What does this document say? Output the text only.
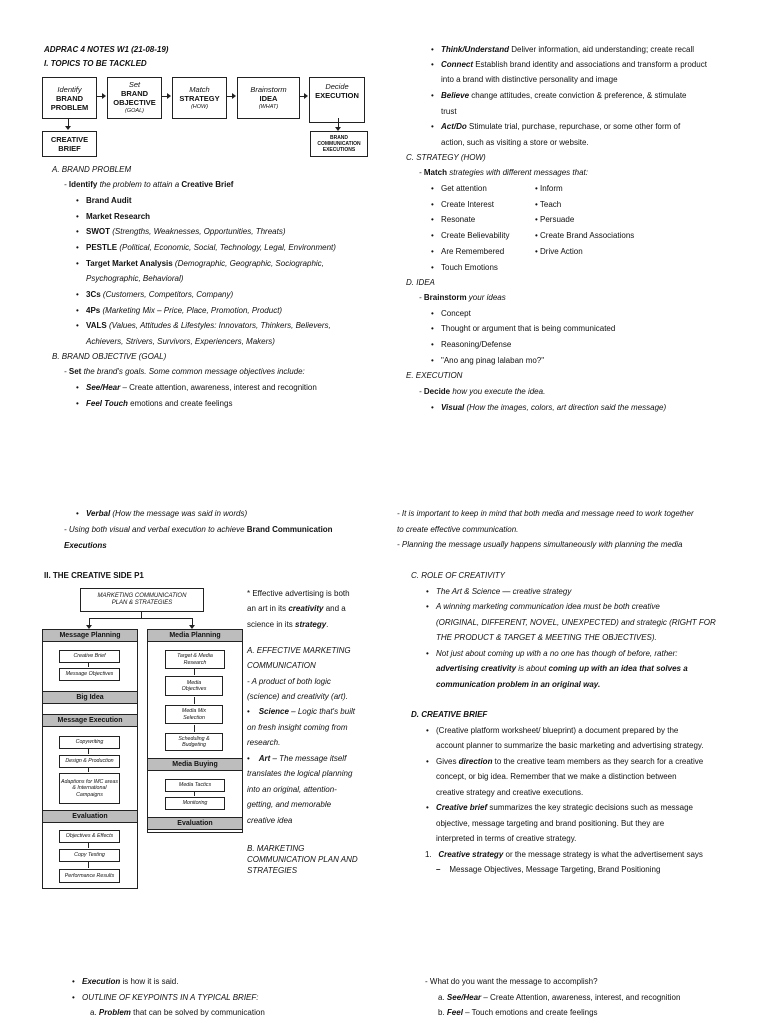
ADPRAC 4 NOTES W1 (21-08-19)
I. TOPICS TO BE TACKLED
Identify
BRAND
PROBLEM
Set
BRAND
OBJECTIVE
(GOAL)
Match
STRATEGY
(HOW)
Brainstorm
IDEA
(WHAT)
Decide
EXECUTION
CREATIVE
BRIEF
BRAND
COMMUNICATION
EXECUTIONS
A. BRAND PROBLEM
- Identify the problem to attain a Creative Brief
• Brand Audit
• Market Research
• SWOT (Strengths, Weaknesses, Opportunities, Threats)
• PESTLE (Political, Economic, Social, Technology, Legal, Environment)
• Target Market Analysis (Demographic, Geographic, Sociographic,
Psychographic, Behavioral)
• 3Cs (Customers, Competitors, Company)
• 4Ps (Marketing Mix – Price, Place, Promotion, Product)
• VALS (Values, Attitudes & Lifestyles: Innovators, Thinkers, Believers,
Achievers, Strivers, Survivors, Experiencers, Makers)
B. BRAND OBJECTIVE (GOAL)
- Set the brand's goals. Some common message objectives include:
• See/Hear – Create attention, awareness, interest and recognition
• Feel Touch emotions and create feelings
• Think/Understand Deliver information, aid understanding; create recall
• Connect Establish brand identity and associations and transform a product
into a brand with distinctive personality and image
• Believe change attitudes, create conviction & preference, & stimulate
trust
• Act/Do Stimulate trial, purchase, repurchase, or some other form of
action, such as visiting a store or website.
C. STRATEGY (HOW)
- Match strategies with different messages that:
• Get attention
• Create Interest
• Resonate
• Create Believability
• Are Remembered
• Touch Emotions
• Inform
• Teach
• Persuade
• Create Brand Associations
• Drive Action
D. IDEA
- Brainstorm your ideas
• Concept
• Thought or argument that is being communicated
• Reasoning/Defense
• "Ano ang pinag lalaban mo?"
E. EXECUTION
- Decide how you execute the idea.
• Visual (How the images, colors, art direction said the message)
• Verbal (How the message was said in words)
- Using both visual and verbal execution to achieve Brand Communication
Executions
- It is important to keep in mind that both media and message need to work together
to create effective communication.
- Planning the message usually happens simultaneously with planning the media
II. THE CREATIVE SIDE P1
MARKETING COMMUNICATION
PLAN & STRATEGIES
Message Planning
Creative Brief
Message Objectives
Big Idea
Message Execution
Copywriting
Design & Production
Adaptions for IMC areas & International Campaigns
Evaluation
Objectives & Effects
Copy Testing
Performance Results
Media Planning
Target & Media Research
Media Objectives
Media Mix Selection
Scheduling & Budgeting
Media Buying
Media Tactics
Monitoring
Evaluation
* Effective advertising is both
an art in its creativity and a
science in its strategy.
A. EFFECTIVE MARKETING
COMMUNICATION
- A product of both logic
(science) and creativity (art).
•    Science – Logic that's built
on fresh insight coming from
research.
•    Art – The message itself
translates the logical planning
into an original, attention-
getting, and memorable
creative idea
B. MARKETING
COMMUNICATION PLAN AND
STRATEGIES
C. ROLE OF CREATIVITY
• The Art & Science — creative strategy
• A winning marketing communication idea must be both creative
(ORIGINAL, DIFFERENT, NOVEL, UNEXPECTED) and strategic (RIGHT FOR
THE PRODUCT & TARGET & MEETING THE OBJECTIVES).
• Not just about coming up with a no one has though of before, rather:
advertising creativity is about coming up with an idea that solves a
communication problem in an original way.
D. CREATIVE BRIEF
• (Creative platform worksheet/ blueprint) a document prepared by the
account planner to summarize the basic marketing and advertising strategy.
• Gives direction to the creative team members as they search for a creative
concept, or big idea. Remember that we make a distinction between
creative strategy and creative executions.
• Creative brief summarizes the key strategic decisions such as message
objective, message targeting and brand positioning. But they are
interpreted in terms of creative strategy.
1. Creative strategy or the message strategy is what the advertisement says
– Message Objectives, Message Targeting, Brand Positioning
• Execution is how it is said.
• OUTLINE OF KEYPOINTS IN A TYPICAL BRIEF:
a. Problem that can be solved by communication
- What do you want the message to accomplish?
a. See/Hear – Create Attention, awareness, interest, and recognition
b. Feel – Touch emotions and create feelings
